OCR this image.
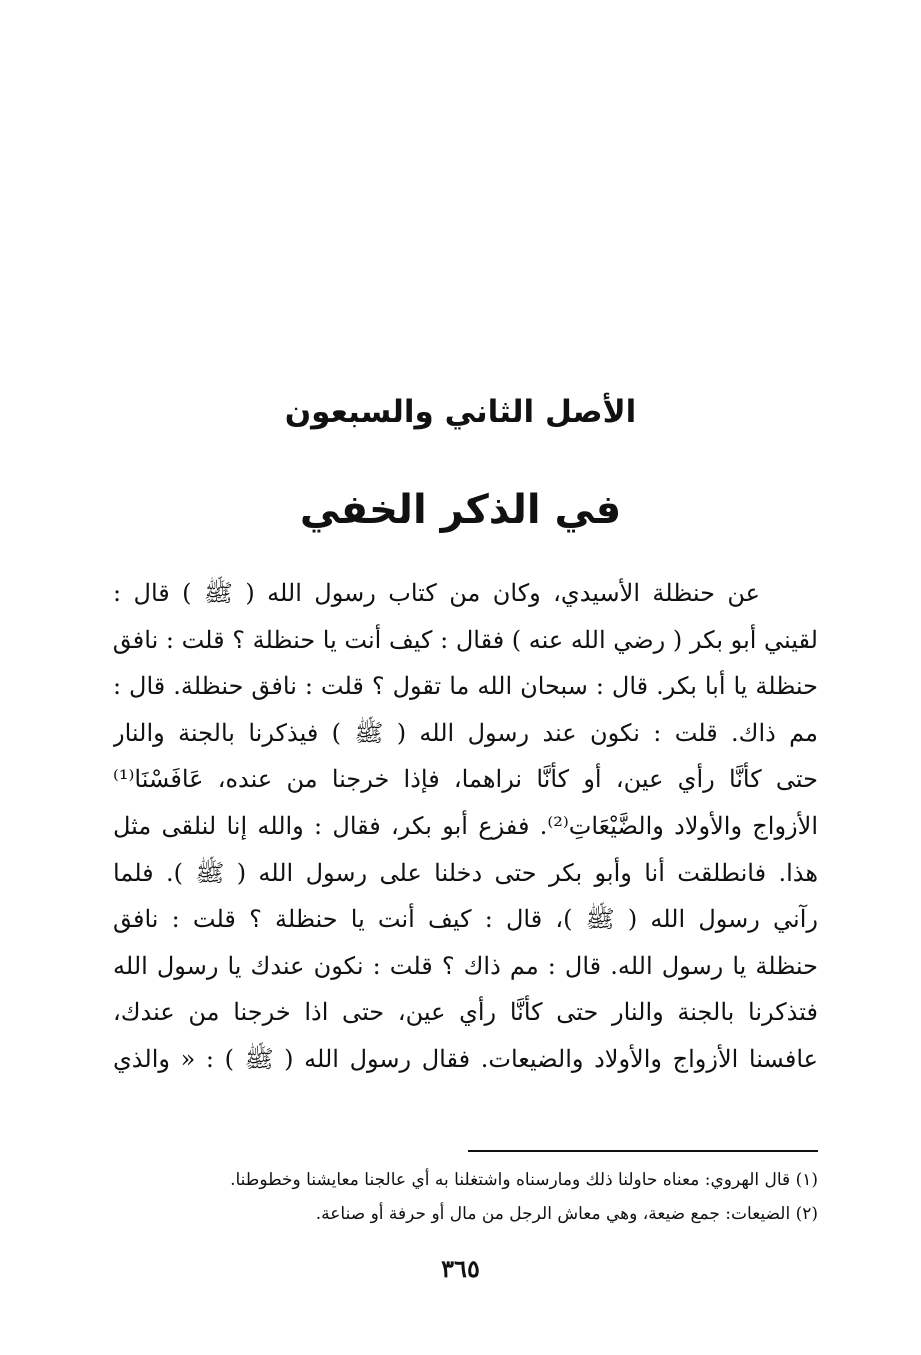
الأصل الثاني والسبعون
في الذكر الخفي
عن حنظلة الأسيدي، وكان من كتاب رسول الله ( ﷺ ) قال :
لقيني أبو بكر ( رضي الله عنه ) فقال : كيف أنت يا حنظلة ؟ قلت : نافق
حنظلة يا أبا بكر. قال : سبحان الله ما تقول ؟ قلت : نافق حنظلة. قال :
مم ذاك. قلت : نكون عند رسول الله ( ﷺ ) فيذكرنا بالجنة والنار
حتى كأنَّا رأي عين، أو كأنَّا نراهما، فإذا خرجنا من عنده، عَافَسْنَا⁽¹⁾
الأزواج والأولاد والضَّيْعَاتِ⁽²⁾. ففزع أبو بكر، فقال : والله إنا لنلقى مثل
هذا. فانطلقت أنا وأبو بكر حتى دخلنا على رسول الله ( ﷺ ). فلما
رآني رسول الله ( ﷺ )، قال : كيف أنت يا حنظلة ؟ قلت : نافق
حنظلة يا رسول الله. قال : مم ذاك ؟ قلت : نكون عندك يا رسول الله
فتذكرنا بالجنة والنار حتى كأنَّا رأي عين، حتى اذا خرجنا من عندك،
عافسنا الأزواج والأولاد والضيعات. فقال رسول الله ( ﷺ ) : « والذي
(١) قال الهروي: معناه حاولنا ذلك ومارسناه واشتغلنا به أي عالجنا معايشنا وخطوطنا.
(٢) الضيعات: جمع ضيعة، وهي معاش الرجل من مال أو حرفة أو صناعة.
٣٦٥
